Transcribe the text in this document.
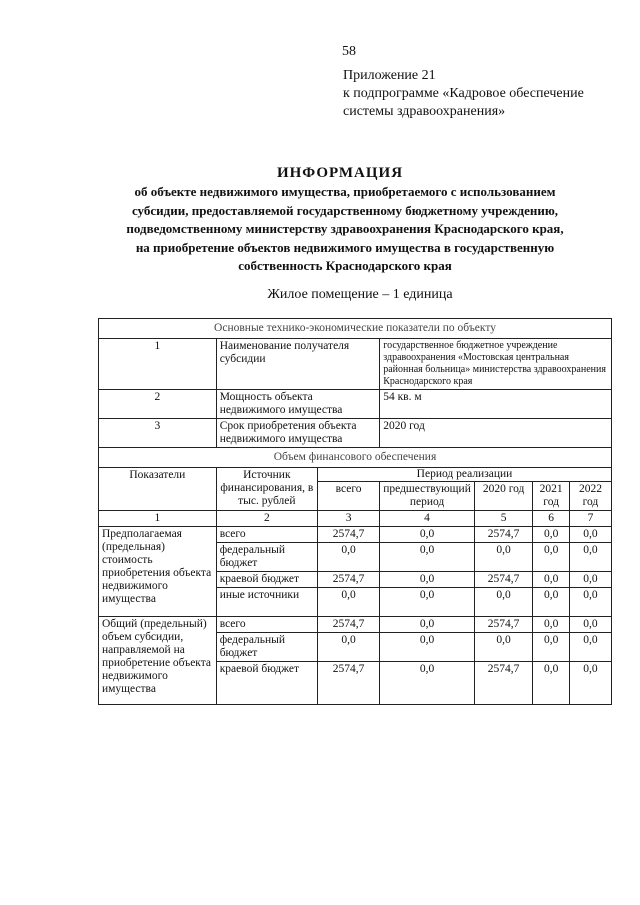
58
Приложение 21
к подпрограмме «Кадровое обеспечение
системы здравоохранения»
ИНФОРМАЦИЯ
об объекте недвижимого имущества, приобретаемого с использованием
субсидии, предоставляемой государственному бюджетному учреждению,
подведомственному министерству здравоохранения Краснодарского края,
на приобретение объектов недвижимого имущества в государственную
собственность Краснодарского края
Жилое помещение – 1 единица
Основные технико-экономические показатели по объекту						
1	Наименование получателя субсидии		государственное бюджетное учреждение здравоохранения «Мостовская центральная районная больница» министерства здравоохранения Краснодарского края			
2	Мощность объекта недвижимого имущества		54 кв. м			
3	Срок приобретения объекта недвижимого имущества		2020 год			
Объем финансового обеспечения						
Показатели	Источник финансирования, в тыс. рублей	Период реализации				
		всего	предшествующий период	2020 год	2021 год	2022 год
1	2	3	4	5	6	7
Предполагаемая (предельная) стоимость приобретения объекта недвижимого имущества	всего	2574,7	0,0	2574,7	0,0	0,0
	федеральный бюджет	0,0	0,0	0,0	0,0	0,0
	краевой бюджет	2574,7	0,0	2574,7	0,0	0,0
	иные источники	0,0	0,0	0,0	0,0	0,0
Общий (предельный) объем субсидии, направляемой на приобретение объекта недвижимого имущества	всего	2574,7	0,0	2574,7	0,0	0,0
	федеральный бюджет	0,0	0,0	0,0	0,0	0,0
	краевой бюджет	2574,7	0,0	2574,7	0,0	0,0
